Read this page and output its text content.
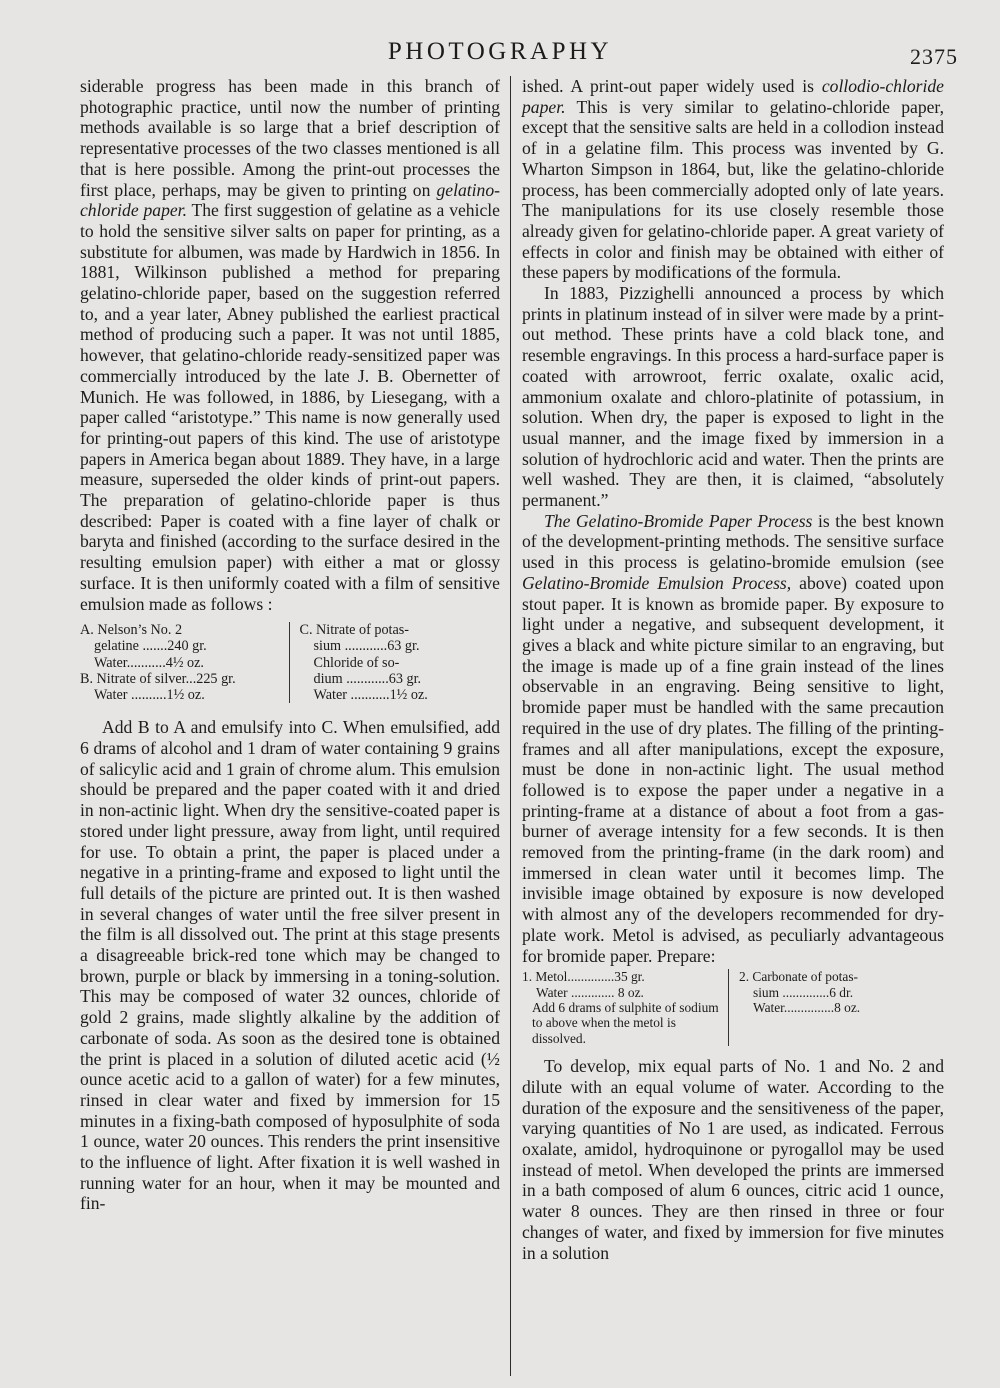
PHOTOGRAPHY	2375

siderable progress has been made in this branch of photographic practice, until now the number of printing methods available is so large that a brief description of representative processes of the two classes mentioned is all that is here possible. Among the print-out processes the first place, perhaps, may be given to printing on gelatino-chloride paper. The first suggestion of gelatine as a vehicle to hold the sensitive silver salts on paper for printing, as a substitute for albumen, was made by Hardwich in 1856. In 1881, Wilkinson published a method for preparing gelatino-chloride paper, based on the suggestion referred to, and a year later, Abney published the earliest practical method of producing such a paper. It was not until 1885, however, that gelatino-chloride ready-sensitized paper was commercially introduced by the late J. B. Obernetter of Munich. He was followed, in 1886, by Liesegang, with a paper called “aristotype.” This name is now generally used for printing-out papers of this kind. The use of aristotype papers in America began about 1889. They have, in a large measure, superseded the older kinds of print-out papers. The preparation of gelatino-chloride paper is thus described: Paper is coated with a fine layer of chalk or baryta and finished (according to the surface desired in the resulting emulsion paper) with either a mat or glossy surface. It is then uniformly coated with a film of sensitive emulsion made as follows :

A. Nelson’s No. 2
gelatine .......240 gr.
Water...........4½ oz.
B. Nitrate of silver...225 gr.
Water ..........1½ oz.
C. Nitrate of potas-
sium ............63 gr.
Chloride of so-
dium ............63 gr.
Water ...........1½ oz.

Add B to A and emulsify into C. When emulsified, add 6 drams of alcohol and 1 dram of water containing 9 grains of salicylic acid and 1 grain of chrome alum. This emulsion should be prepared and the paper coated with it and dried in non-actinic light. When dry the sensitive-coated paper is stored under light pressure, away from light, until required for use. To obtain a print, the paper is placed under a negative in a printing-frame and exposed to light until the full details of the picture are printed out. It is then washed in several changes of water until the free silver present in the film is all dissolved out. The print at this stage presents a disagreeable brick-red tone which may be changed to brown, purple or black by immersing in a toning-solution. This may be composed of water 32 ounces, chloride of gold 2 grains, made slightly alkaline by the addition of carbonate of soda. As soon as the desired tone is obtained the print is placed in a solution of diluted acetic acid (½ ounce acetic acid to a gallon of water) for a few minutes, rinsed in clear water and fixed by immersion for 15 minutes in a fixing-bath composed of hyposulphite of soda 1 ounce, water 20 ounces. This renders the print insensitive to the influence of light. After fixation it is well washed in running water for an hour, when it may be mounted and fin-

ished. A print-out paper widely used is collodio-chloride paper. This is very similar to gelatino-chloride paper, except that the sensitive salts are held in a collodion instead of in a gelatine film. This process was invented by G. Wharton Simpson in 1864, but, like the gelatino-chloride process, has been commercially adopted only of late years. The manipulations for its use closely resemble those already given for gelatino-chloride paper. A great variety of effects in color and finish may be obtained with either of these papers by modifications of the formula.

In 1883, Pizzighelli announced a process by which prints in platinum instead of in silver were made by a print-out method. These prints have a cold black tone, and resemble engravings. In this process a hard-surface paper is coated with arrowroot, ferric oxalate, oxalic acid, ammonium oxalate and chloro-platinite of potassium, in solution. When dry, the paper is exposed to light in the usual manner, and the image fixed by immersion in a solution of hydrochloric acid and water. Then the prints are well washed. They are then, it is claimed, “absolutely permanent.”

The Gelatino-Bromide Paper Process is the best known of the development-printing methods. The sensitive surface used in this process is gelatino-bromide emulsion (see Gelatino-Bromide Emulsion Process, above) coated upon stout paper. It is known as bromide paper. By exposure to light under a negative, and subsequent development, it gives a black and white picture similar to an engraving, but the image is made up of a fine grain instead of the lines observable in an engraving. Being sensitive to light, bromide paper must be handled with the same precaution required in the use of dry plates. The filling of the printing-frames and all after manipulations, except the exposure, must be done in non-actinic light. The usual method followed is to expose the paper under a negative in a printing-frame at a distance of about a foot from a gas-burner of average intensity for a few seconds. It is then removed from the printing-frame (in the dark room) and immersed in clean water until it becomes limp. The invisible image obtained by exposure is now developed with almost any of the developers recommended for dry-plate work. Metol is advised, as peculiarly advantageous for bromide paper. Prepare:

1. Metol..............35 gr.
Water ............. 8 oz.
Add 6 drams of sulphite of sodium to above when the metol is dissolved.
2. Carbonate of potas-
sium ..............6 dr.
Water...............8 oz.

To develop, mix equal parts of No. 1 and No. 2 and dilute with an equal volume of water. According to the duration of the exposure and the sensitiveness of the paper, varying quantities of No 1 are used, as indicated. Ferrous oxalate, amidol, hydroquinone or pyrogallol may be used instead of metol. When developed the prints are immersed in a bath composed of alum 6 ounces, citric acid 1 ounce, water 8 ounces. They are then rinsed in three or four changes of water, and fixed by immersion for five minutes in a solution
